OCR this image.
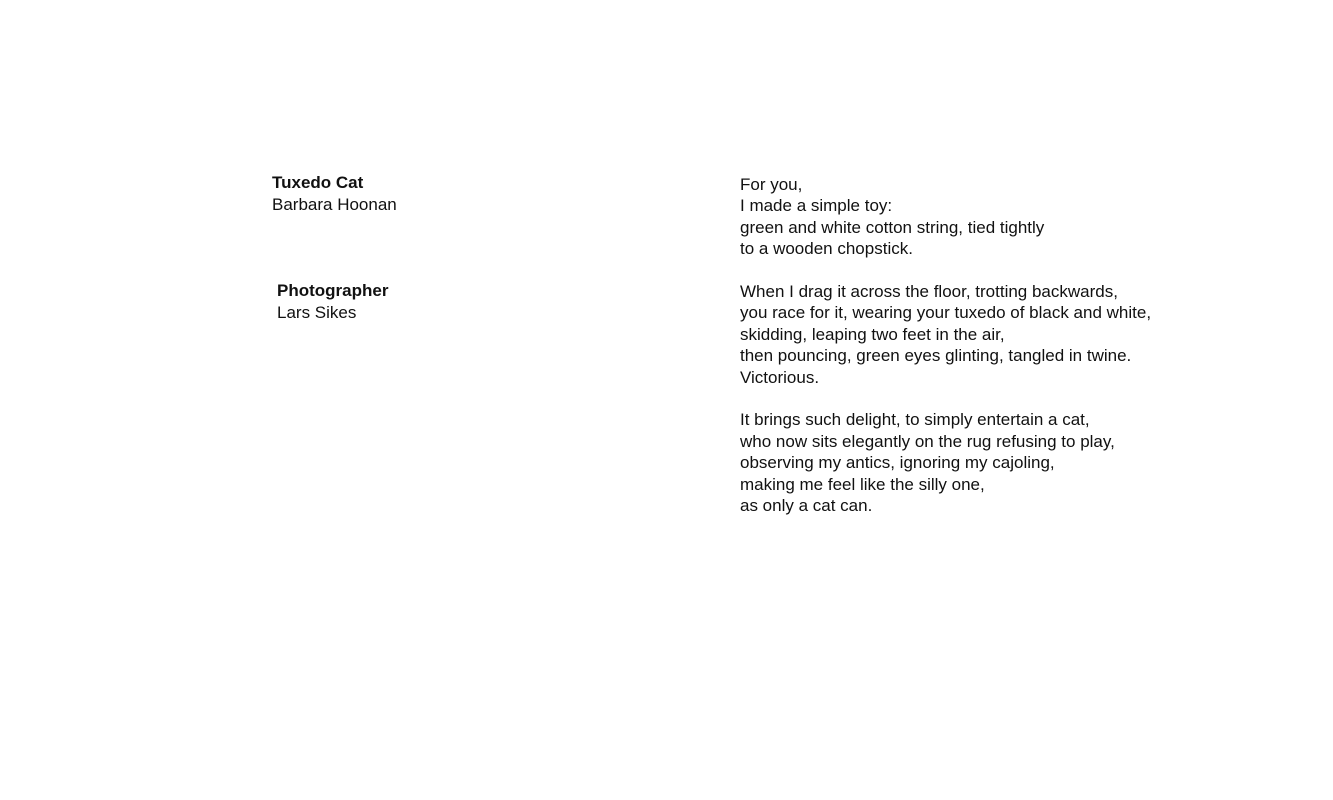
Tuxedo Cat
Barbara Hoonan
Photographer
Lars Sikes
For you,
I made a simple toy:
green and white cotton string, tied tightly
to a wooden chopstick.
When I drag it across the floor, trotting backwards,
you race for it, wearing your tuxedo of black and white,
skidding, leaping two feet in the air,
then pouncing, green eyes glinting, tangled in twine.
Victorious.
It brings such delight, to simply entertain a cat,
who now sits elegantly on the rug refusing to play,
observing my antics, ignoring my cajoling,
making me feel like the silly one,
as only a cat can.
